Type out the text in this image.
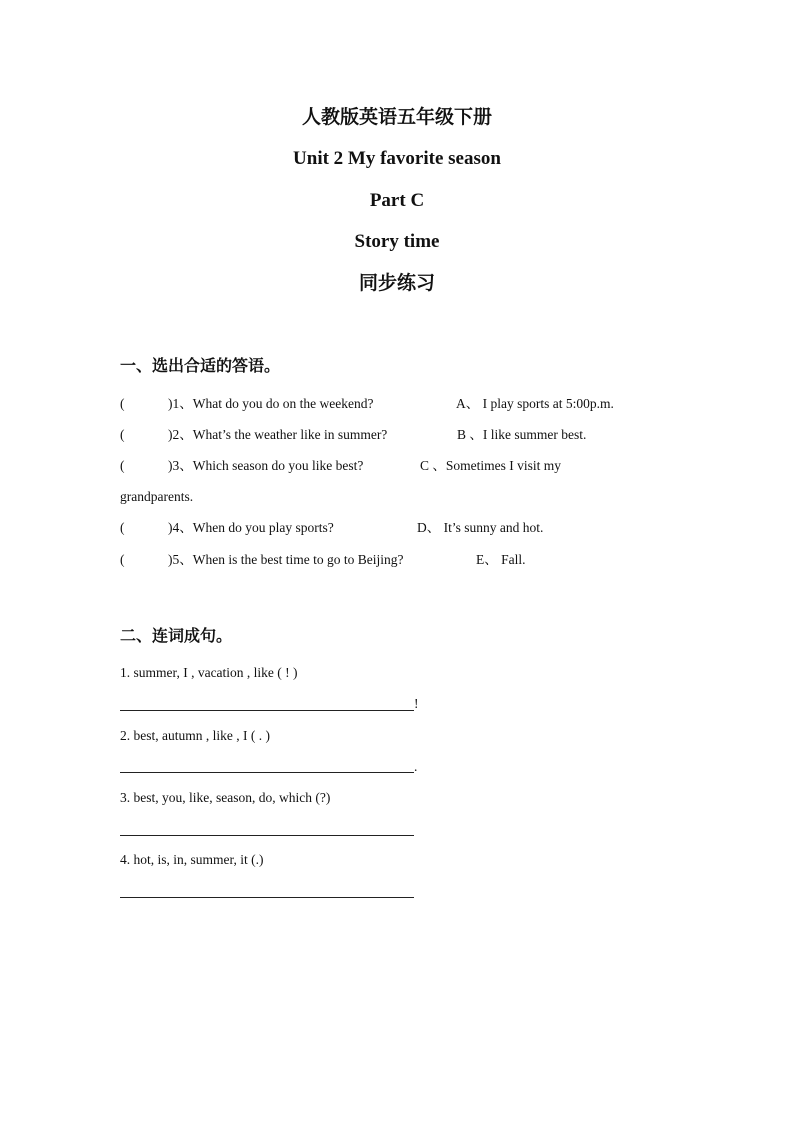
人教版英语五年级下册
Unit 2 My favorite season
Part C
Story time
同步练习
一、选出合适的答语。
(	)1、What do you do on the weekend?	A、 I play sports at 5:00p.m.
(	)2、What’s the weather like in summer?	B 、I like summer best.
(	)3、Which season do you like best?	C 、Sometimes I visit my
grandparents.
(	)4、When do you play sports?	D、 It’s sunny and hot.
(	)5、When is the best time to go to Beijing?	E、 Fall.
二、连词成句。
1. summer, I , vacation , like ( ! )
!
2. best, autumn , like , I ( . )
.
3. best, you, like, season, do, which (?)
4. hot, is, in, summer, it (.)
